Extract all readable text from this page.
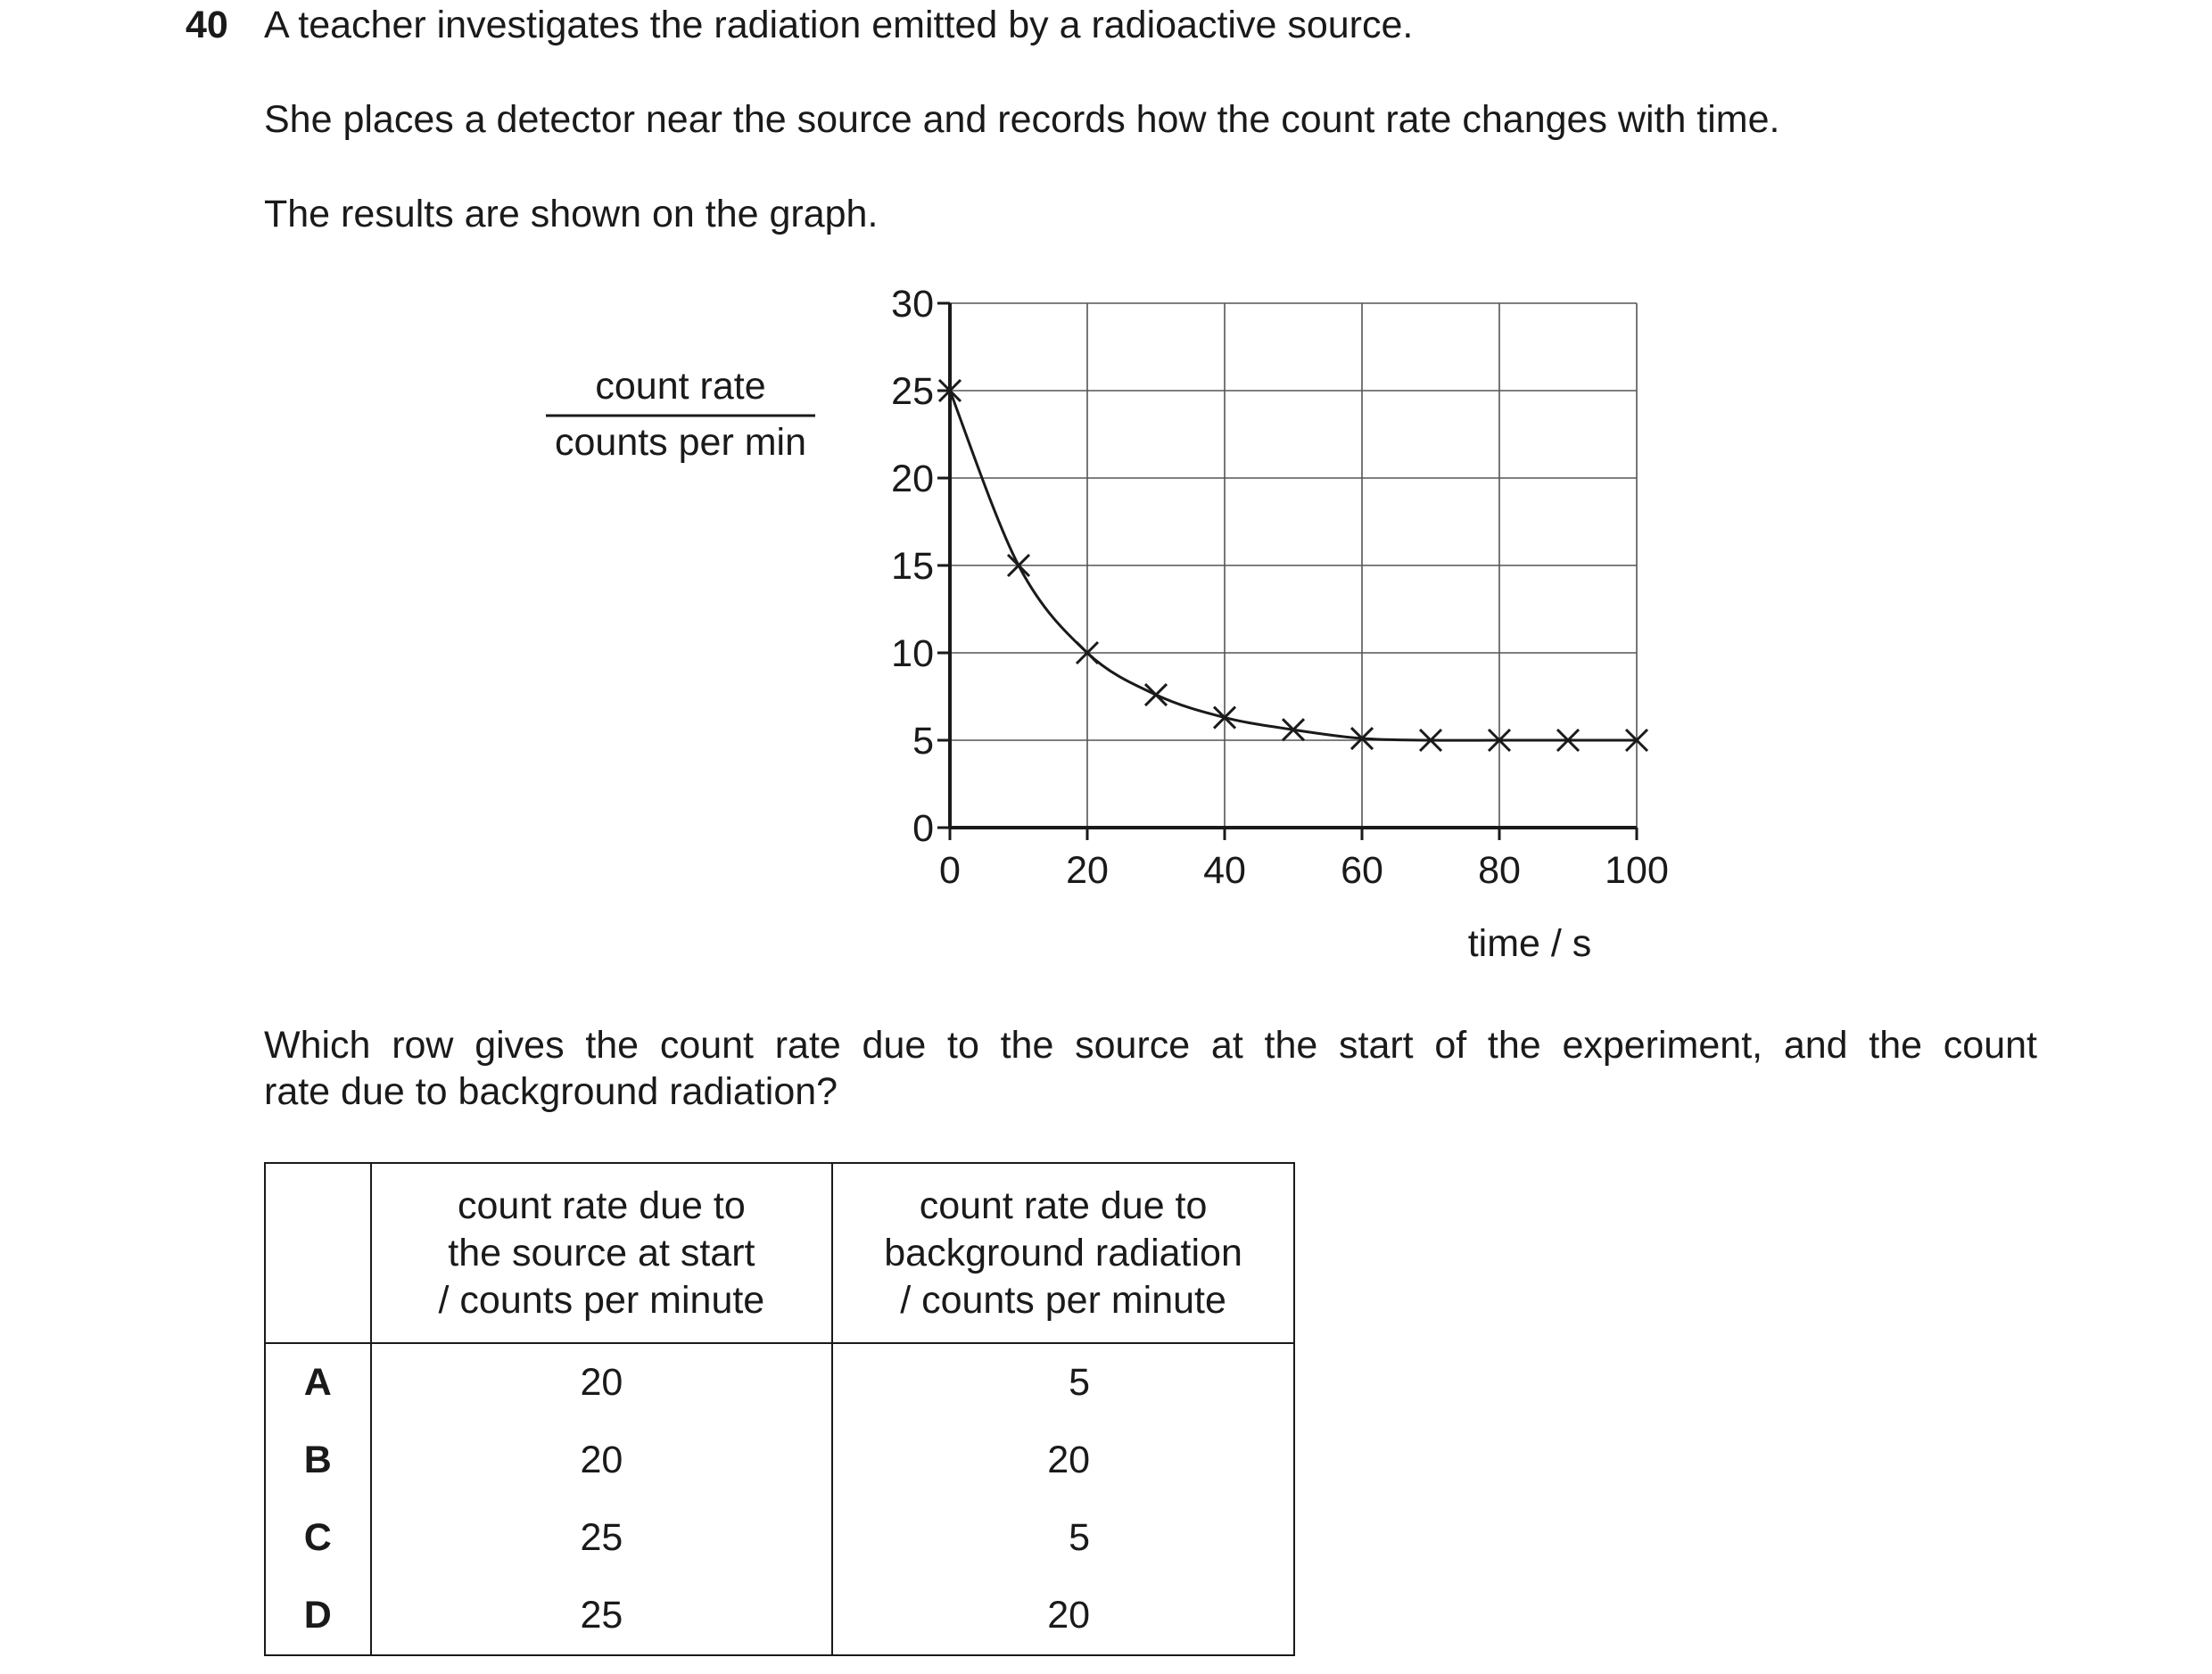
40 A teacher investigates the radiation emitted by a radioactive source.
She places a detector near the source and records how the count rate changes with time.
The results are shown on the graph.
0
5
10
15
20
25
30
0	20 40 60 80 100
count rate
counts per min
time / s
Which row gives the count rate due to the source at the start of the experiment, and the count
rate due to background radiation?

	count rate due to
the source at start
/ counts per minute	count rate due to
background radiation
/ counts per minute

A	20	5
B	20	20
C	25	5
D	25	20
